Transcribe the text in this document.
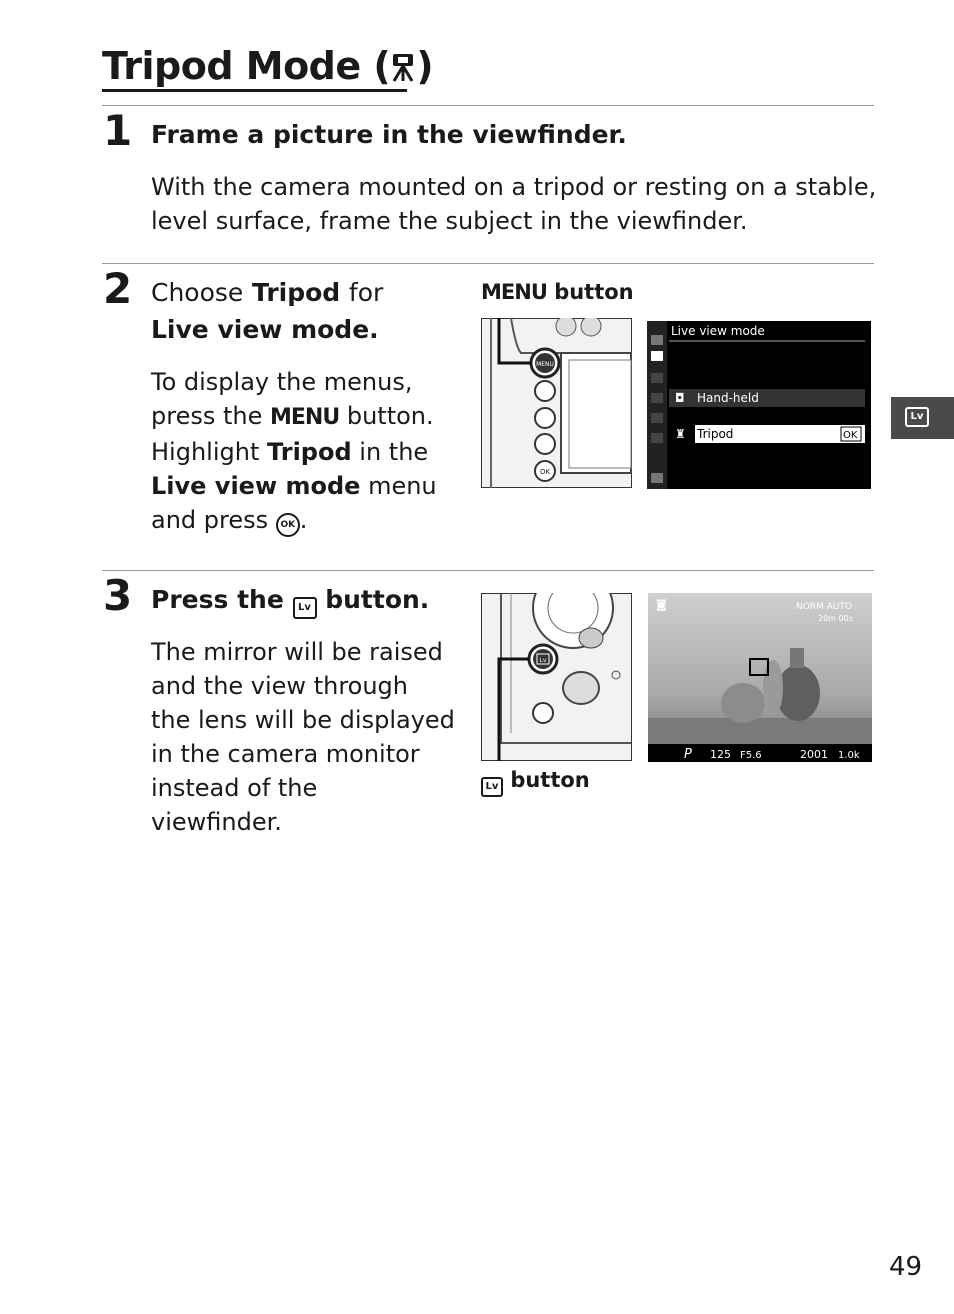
Tripod Mode ( )
1 Frame a picture in the viewfinder.
With the camera mounted on a tripod or resting on a stable,
level surface, frame the subject in the viewfinder.
2 Choose Tripod for
Live view mode.
To display the menus,
press the MENU button.
Highlight Tripod in the
Live view mode menu
and press OK .
MENU button
MENU
OK
Live view mode
◘ Hand-held
♜ Tripod	OK
Lv
3 Press the Lv button.
The mirror will be raised
and the view through
the lens will be displayed
in the camera monitor
instead of the
viewfinder.
Lv
◙	NORM AUTO
20m 00s
P 125 F5.6	2001 1.0k
Lv button
49
